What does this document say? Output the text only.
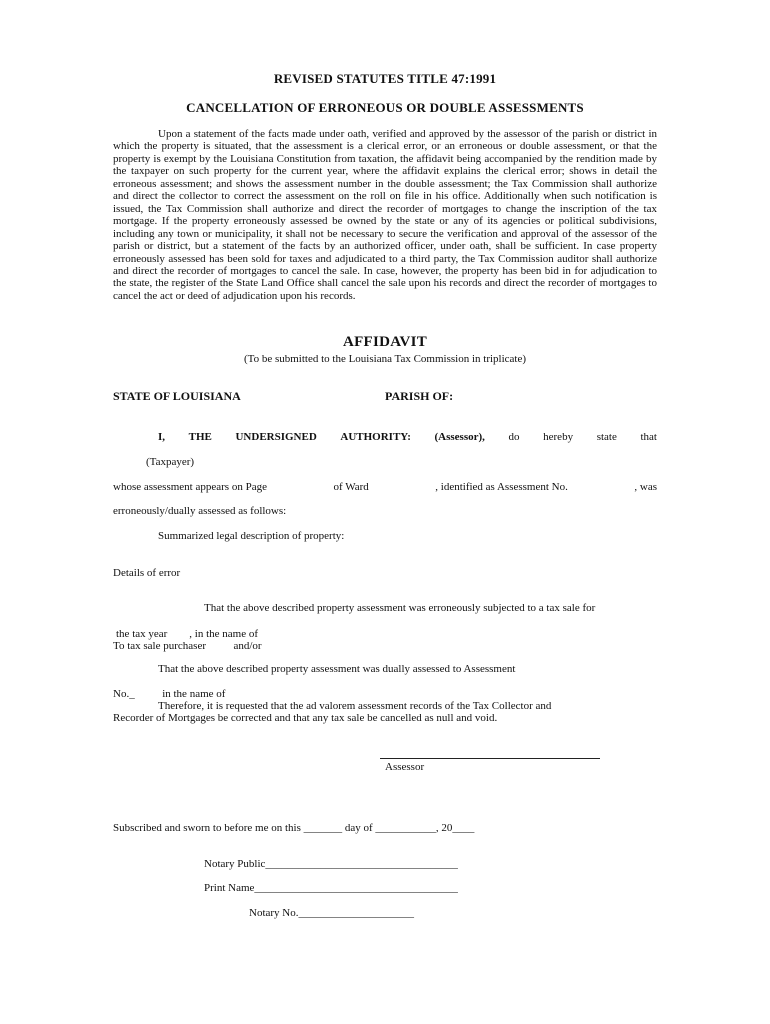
REVISED STATUTES TITLE 47:1991
CANCELLATION OF ERRONEOUS OR DOUBLE ASSESSMENTS

Upon a statement of the facts made under oath, verified and approved by the assessor of the parish or district in which the property is situated, that the assessment is a clerical error, or an erroneous or double assessment, or that the property is exempt by the Louisiana Constitution from taxation, the affidavit being accompanied by the rendition made by the taxpayer on such property for the current year, where the affidavit explains the clerical error; shows in detail the erroneous assessment; and shows the assessment number in the double assessment; the Tax Commission shall authorize and direct the collector to correct the assessment on the roll on file in his office. Additionally when such notification is issued, the Tax Commission shall authorize and direct the recorder of mortgages to change the inscription of the tax mortgage. If the property erroneously assessed be owned by the state or any of its agencies or political subdivisions, including any town or municipality, it shall not be necessary to secure the verification and approval of the assessor of the parish or district, but a statement of the facts by an authorized officer, under oath, shall be sufficient. In case property erroneously assessed has been sold for taxes and adjudicated to a third party, the Tax Commission auditor shall authorize and direct the recorder of mortgages to cancel the sale. In case, however, the property has been bid in for adjudication to the state, the register of the State Land Office shall cancel the sale upon his records and direct the recorder of mortgages to cancel the act or deed of adjudication upon his records.

AFFIDAVIT
(To be submitted to the Louisiana Tax Commission in triplicate)
STATE OF LOUISIANA	PARISH OF:
I, THE UNDERSIGNED AUTHORITY: (Assessor), do hereby state that
(Taxpayer)
whose assessment appears on Page	of Ward	, identified as Assessment No.	, was
erroneously/dually assessed as follows:
Summarized legal description of property:
Details of error
That the above described property assessment was erroneously subjected to a tax sale for
the tax year        , in the name of
To tax sale purchaser          and/or
That the above described property assessment was dually assessed to Assessment
No._          in the name of
Therefore, it is requested that the ad valorem assessment records of the Tax Collector and
Recorder of Mortgages be corrected and that any tax sale be cancelled as null and void.
Assessor
Subscribed and sworn to before me on this _______ day of ___________, 20____
Notary Public___________________________________
Print Name_____________________________________
Notary No._____________________
